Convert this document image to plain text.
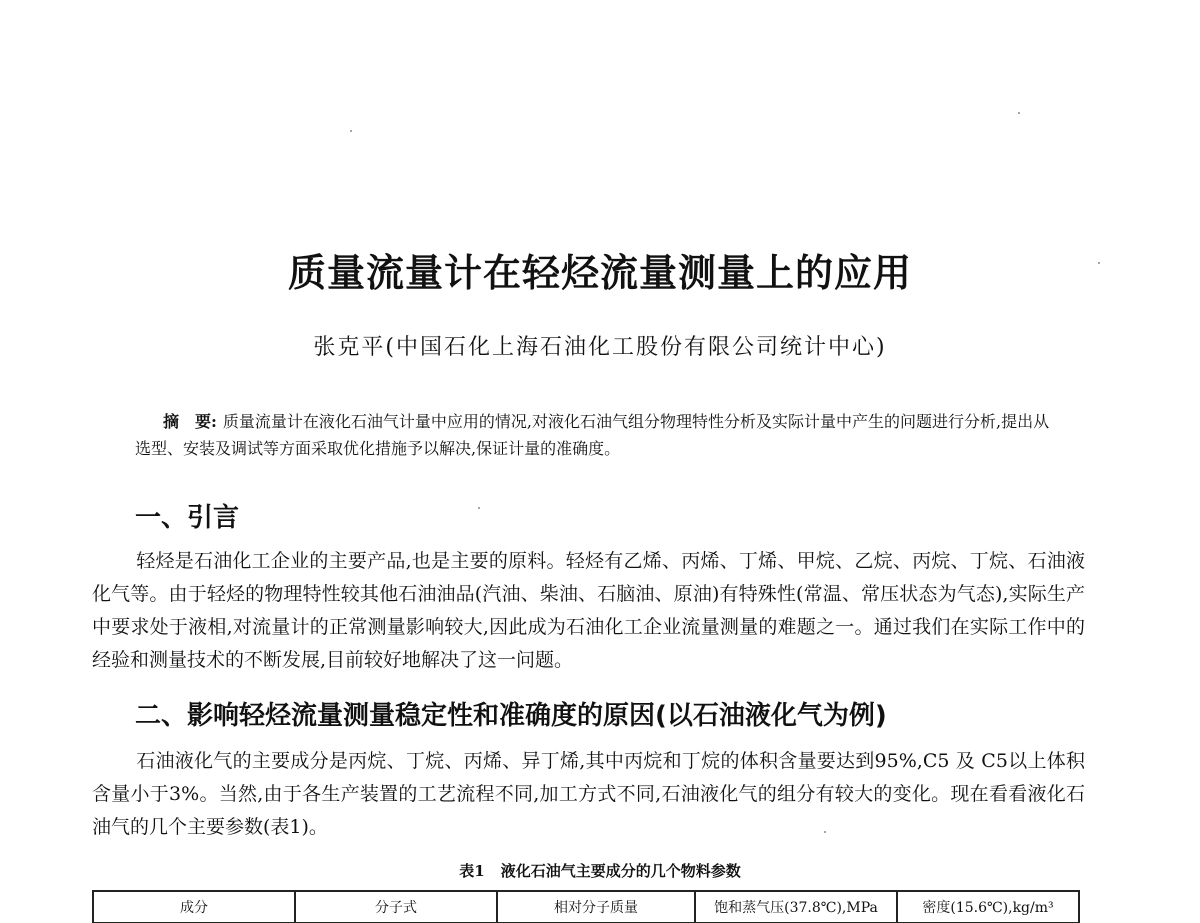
质量流量计在轻烃流量测量上的应用
张克平(中国石化上海石油化工股份有限公司统计中心)
摘　要: 质量流量计在液化石油气计量中应用的情况,对液化石油气组分物理特性分析及实际计量中产生的问题进行分析,提出从选型、安装及调试等方面采取优化措施予以解决,保证计量的准确度。
一、引言

轻烃是石油化工企业的主要产品,也是主要的原料。轻烃有乙烯、丙烯、丁烯、甲烷、乙烷、丙烷、丁烷、石油液化气等。由于轻烃的物理特性较其他石油油品(汽油、柴油、石脑油、原油)有特殊性(常温、常压状态为气态),实际生产中要求处于液相,对流量计的正常测量影响较大,因此成为石油化工企业流量测量的难题之一。通过我们在实际工作中的经验和测量技术的不断发展,目前较好地解决了这一问题。

二、影响轻烃流量测量稳定性和准确度的原因(以石油液化气为例)

石油液化气的主要成分是丙烷、丁烷、丙烯、异丁烯,其中丙烷和丁烷的体积含量要达到95%,C5 及 C5以上体积含量小于3%。当然,由于各生产装置的工艺流程不同,加工方式不同,石油液化气的组分有较大的变化。现在看看液化石油气的几个主要参数(表1)。

表1 液化石油气主要成分的几个物料参数
成分	分子式	相对分子质量	饱和蒸气压(37.8℃),MPa	密度(15.6℃),kg/m³
